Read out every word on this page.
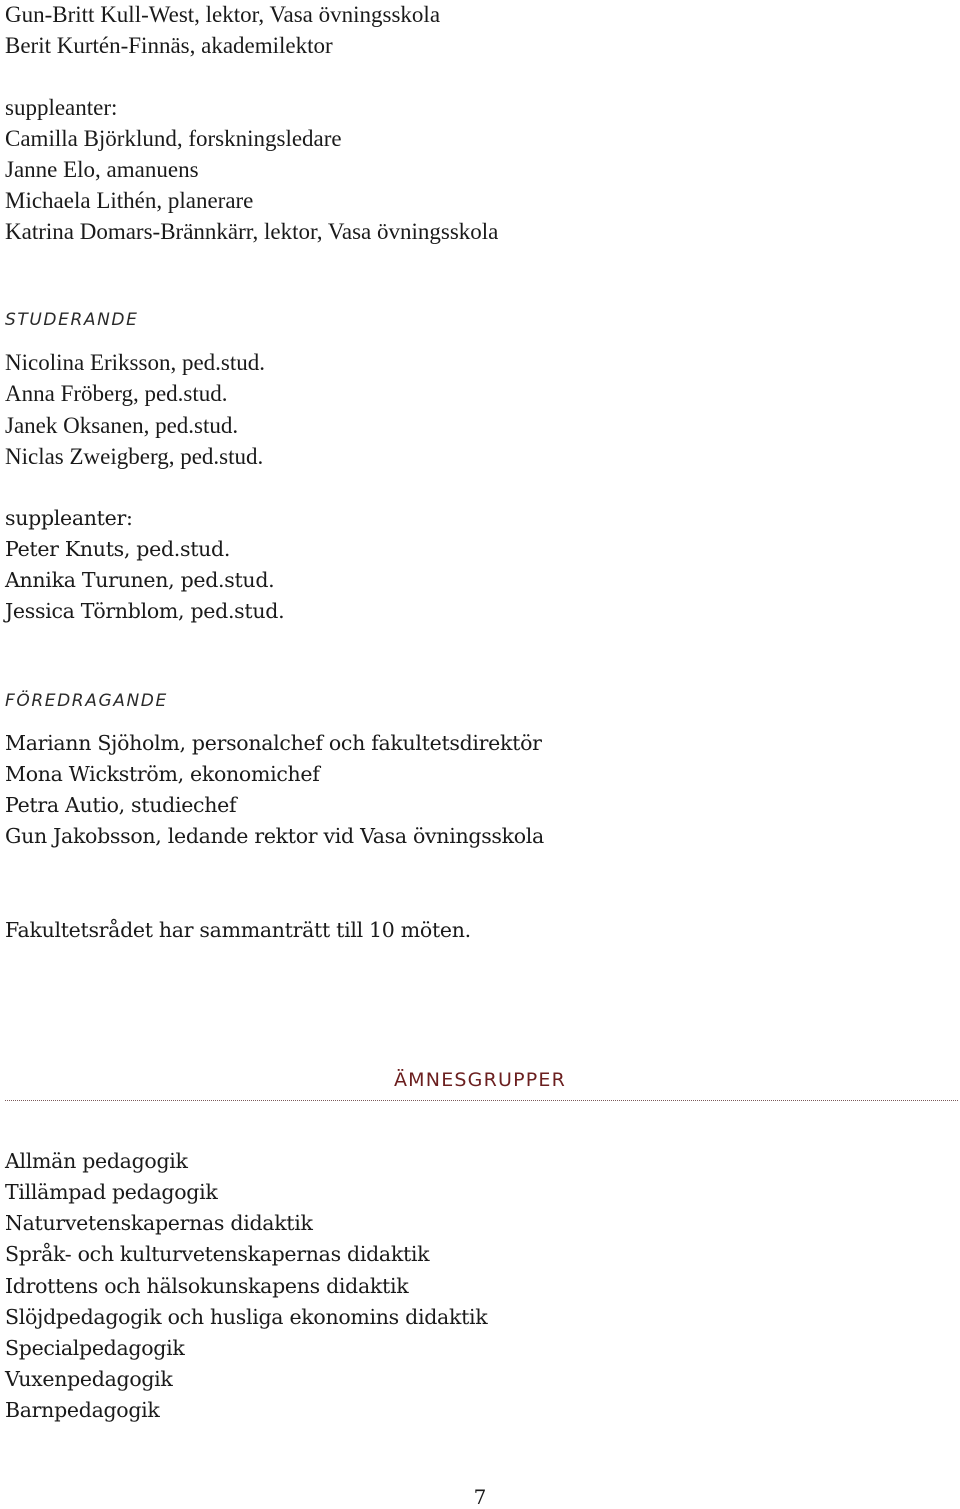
Gun-Britt Kull-West, lektor, Vasa övningsskola
Berit Kurtén-Finnäs, akademilektor
suppleanter:
Camilla Björklund, forskningsledare
Janne Elo, amanuens
Michaela Lithén, planerare
Katrina Domars-Brännkärr, lektor, Vasa övningsskola
STUDERANDE
Nicolina Eriksson, ped.stud.
Anna Fröberg, ped.stud.
Janek Oksanen, ped.stud.
Niclas Zweigberg, ped.stud.
suppleanter:
Peter Knuts, ped.stud.
Annika Turunen, ped.stud.
Jessica Törnblom, ped.stud.
FÖREDRAGANDE
Mariann Sjöholm, personalchef och fakultetsdirektör
Mona Wickström, ekonomichef
Petra Autio, studiechef
Gun Jakobsson, ledande rektor vid Vasa övningsskola
Fakultetsrådet har sammanträtt till 10 möten.
ÄMNESGRUPPER
Allmän pedagogik
Tillämpad pedagogik
Naturvetenskapernas didaktik
Språk- och kulturvetenskapernas didaktik
Idrottens och hälsokunskapens didaktik
Slöjdpedagogik och husliga ekonomins didaktik
Specialpedagogik
Vuxenpedagogik
Barnpedagogik
7
